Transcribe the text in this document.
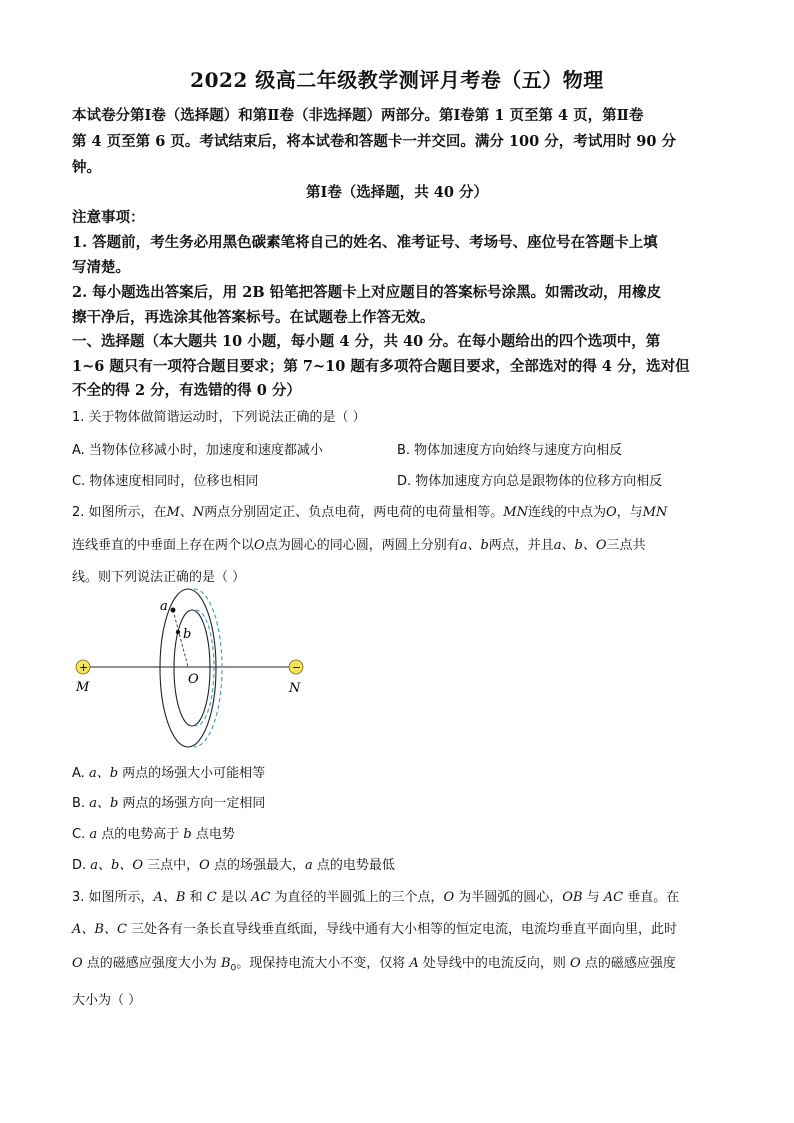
2022 级高二年级教学测评月考卷（五）物理
本试卷分第Ⅰ卷（选择题）和第Ⅱ卷（非选择题）两部分。第Ⅰ卷第 1 页至第 4 页，第Ⅱ卷
第 4 页至第 6 页。考试结束后，将本试卷和答题卡一并交回。满分 100 分，考试用时 90 分
钟。
第Ⅰ卷（选择题，共 40 分）
注意事项：
1. 答题前，考生务必用黑色碳素笔将自己的姓名、准考证号、考场号、座位号在答题卡上填
写清楚。
2. 每小题选出答案后，用 2B 铅笔把答题卡上对应题目的答案标号涂黑。如需改动，用橡皮
擦干净后，再选涂其他答案标号。在试题卷上作答无效。
一、选择题（本大题共 10 小题，每小题 4 分，共 40 分。在每小题给出的四个选项中，第
1~6 题只有一项符合题目要求；第 7~10 题有多项符合题目要求，全部选对的得 4 分，选对但
不全的得 2 分，有选错的得 0 分）
1. 关于物体做简谐运动时，下列说法正确的是（ ）
A. 当物体位移减小时，加速度和速度都减小	B. 物体加速度方向始终与速度方向相反
C. 物体速度相同时，位移也相同	D. 物体加速度方向总是跟物体的位移方向相反
2. 如图所示，在M、N两点分别固定正、负点电荷，两电荷的电荷量相等。MN连线的中点为O，与MN
连线垂直的中垂面上存在两个以O点为圆心的同心圆，两圆上分别有a、b两点，并且a、b、O三点共
线。则下列说法正确的是（ ）
a
b
O
+	−
M	N
A. a、b 两点的场强大小可能相等
B. a、b 两点的场强方向一定相同
C. a 点的电势高于 b 点电势
D. a、b、O 三点中，O 点的场强最大，a 点的电势最低
3. 如图所示，A、B 和 C 是以 AC 为直径的半圆弧上的三个点，O 为半圆弧的圆心，OB 与 AC 垂直。在
A、B、C 三处各有一条长直导线垂直纸面，导线中通有大小相等的恒定电流，电流均垂直平面向里，此时
O 点的磁感应强度大小为 $B_0$。现保持电流大小不变，仅将 A 处导线中的电流反向，则 O 点的磁感应强度
大小为（ ）
